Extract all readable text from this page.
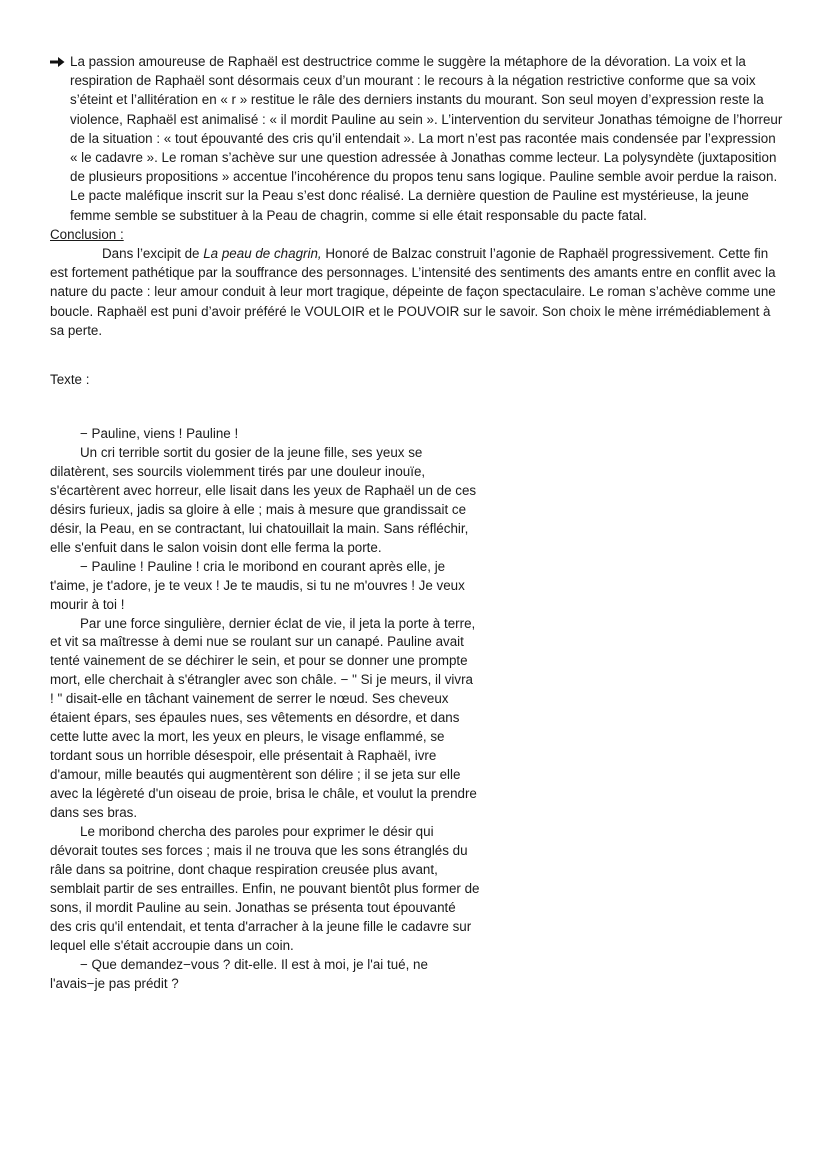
La passion amoureuse de Raphaël est destructrice comme le suggère la métaphore de la dévoration. La voix et la respiration de Raphaël sont désormais ceux d’un mourant : le recours à la négation restrictive conforme que sa voix s’éteint et l’allitération en « r » restitue le râle des derniers instants du mourant. Son seul moyen d’expression reste la violence, Raphaël est animalisé : « il mordit Pauline au sein ». L’intervention du serviteur Jonathas témoigne de l’horreur de la situation : « tout épouvanté des cris qu’il entendait ». La mort n’est pas racontée mais condensée par l’expression « le cadavre ». Le roman s’achève sur une question adressée à Jonathas comme lecteur. La polysyndète (juxtaposition de plusieurs propositions » accentue l’incohérence du propos tenu sans logique. Pauline semble avoir perdue la raison. Le pacte maléfique inscrit sur la Peau s’est donc réalisé. La dernière question de Pauline est mystérieuse, la jeune femme semble se substituer à la Peau de chagrin, comme si elle était responsable du pacte fatal.

Conclusion :

Dans l’excipit de La peau de chagrin, Honoré de Balzac construit l’agonie de Raphaël progressivement. Cette fin est fortement pathétique par la souffrance des personnages. L’intensité des sentiments des amants entre en conflit avec la nature du pacte : leur amour conduit à leur mort tragique, dépeinte de façon spectaculaire. Le roman s’achève comme une boucle. Raphaël est puni d’avoir préféré le VOULOIR et le POUVOIR sur le savoir. Son choix le mène irrémédiablement à sa perte.

Texte :

− Pauline, viens ! Pauline !

Un cri terrible sortit du gosier de la jeune fille, ses yeux se dilatèrent, ses sourcils violemment tirés par une douleur inouïe, s'écartèrent avec horreur, elle lisait dans les yeux de Raphaël un de ces désirs furieux, jadis sa gloire à elle ; mais à mesure que grandissait ce désir, la Peau, en se contractant, lui chatouillait la main. Sans réfléchir, elle s'enfuit dans le salon voisin dont elle ferma la porte.

− Pauline ! Pauline ! cria le moribond en courant après elle, je t'aime, je t'adore, je te veux ! Je te maudis, si tu ne m'ouvres ! Je veux mourir à toi !

Par une force singulière, dernier éclat de vie, il jeta la porte à terre, et vit sa maîtresse à demi nue se roulant sur un canapé. Pauline avait tenté vainement de se déchirer le sein, et pour se donner une prompte mort, elle cherchait à s'étrangler avec son châle. − " Si je meurs, il vivra ! " disait-elle en tâchant vainement de serrer le nœud. Ses cheveux étaient épars, ses épaules nues, ses vêtements en désordre, et dans cette lutte avec la mort, les yeux en pleurs, le visage enflammé, se tordant sous un horrible désespoir, elle présentait à Raphaël, ivre d'amour, mille beautés qui augmentèrent son délire ; il se jeta sur elle avec la légèreté d'un oiseau de proie, brisa le châle, et voulut la prendre dans ses bras.

Le moribond chercha des paroles pour exprimer le désir qui dévorait toutes ses forces ; mais il ne trouva que les sons étranglés du râle dans sa poitrine, dont chaque respiration creusée plus avant, semblait partir de ses entrailles. Enfin, ne pouvant bientôt plus former de sons, il mordit Pauline au sein. Jonathas se présenta tout épouvanté des cris qu'il entendait, et tenta d'arracher à la jeune fille le cadavre sur lequel elle s'était accroupie dans un coin.

− Que demandez−vous ? dit-elle. Il est à moi, je l'ai tué, ne l'avais−je pas prédit ?
